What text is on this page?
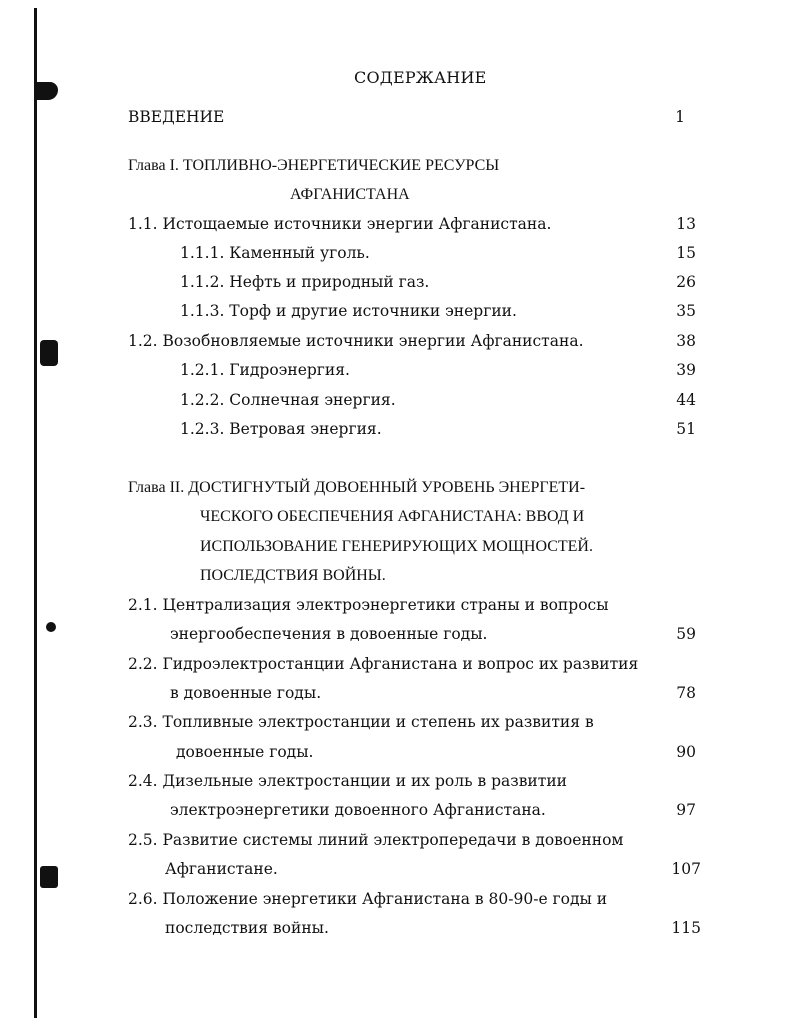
СОДЕРЖАНИЕ
ВВЕДЕНИЕ	1
Глава I. ТОПЛИВНО-ЭНЕРГЕТИЧЕСКИЕ РЕСУРСЫ
АФГАНИСТАНА
1.1. Истощаемые источники энергии Афганистана.	13
1.1.1. Каменный уголь.	15
1.1.2. Нефть и природный газ.	26
1.1.3. Торф и другие источники энергии.	35
1.2. Возобновляемые источники энергии Афганистана.	38
1.2.1. Гидроэнергия.	39
1.2.2. Солнечная энергия.	44
1.2.3. Ветровая энергия.	51
Глава II. ДОСТИГНУТЫЙ ДОВОЕННЫЙ УРОВЕНЬ ЭНЕРГЕТИ-
ЧЕСКОГО ОБЕСПЕЧЕНИЯ АФГАНИСТАНА: ВВОД И
ИСПОЛЬЗОВАНИЕ ГЕНЕРИРУЮЩИХ МОЩНОСТЕЙ.
ПОСЛЕДСТВИЯ ВОЙНЫ.
2.1. Централизация электроэнергетики страны и вопросы
энергообеспечения в довоенные годы.	59
2.2. Гидроэлектростанции Афганистана и вопрос их развития
в довоенные годы.	78
2.3. Топливные электростанции и степень их развития в
довоенные годы.	90
2.4. Дизельные электростанции и их роль в развитии
электроэнергетики довоенного Афганистана.	97
2.5. Развитие системы линий электропередачи в довоенном
Афганистане.	107
2.6. Положение энергетики Афганистана в 80-90-е годы и
последствия войны.	115
